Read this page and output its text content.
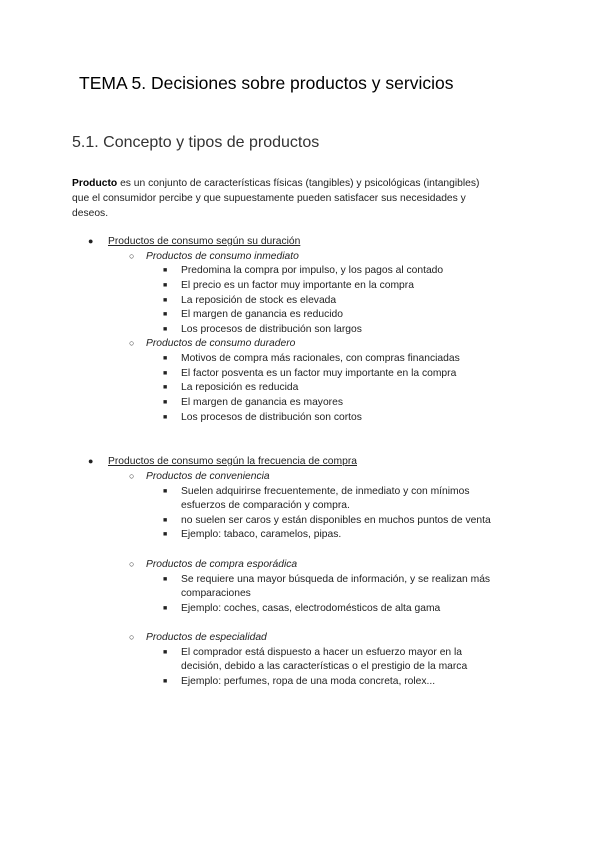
TEMA 5. Decisiones sobre productos y servicios
5.1. Concepto y tipos de productos
Producto es un conjunto de características físicas (tangibles) y psicológicas (intangibles)
que el consumidor percibe y que supuestamente pueden satisfacer sus necesidades y
deseos.
● Productos de consumo según su duración
○ Productos de consumo inmediato
■ Predomina la compra por impulso, y los pagos al contado
■ El precio es un factor muy importante en la compra
■ La reposición de stock es elevada
■ El margen de ganancia es reducido
■ Los procesos de distribución son largos
○ Productos de consumo duradero
■ Motivos de compra más racionales, con compras financiadas
■ El factor posventa es un factor muy importante en la compra
■ La reposición es reducida
■ El margen de ganancia es mayores
■ Los procesos de distribución son cortos
● Productos de consumo según la frecuencia de compra
○ Productos de conveniencia
■ Suelen adquirirse frecuentemente, de inmediato y con mínimos
esfuerzos de comparación y compra.
■ no suelen ser caros y están disponibles en muchos puntos de venta
■ Ejemplo: tabaco, caramelos, pipas.
○ Productos de compra esporádica
■ Se requiere una mayor búsqueda de información, y se realizan más
comparaciones
■ Ejemplo: coches, casas, electrodomésticos de alta gama
○ Productos de especialidad
■ El comprador está dispuesto a hacer un esfuerzo mayor en la
decisión, debido a las características o el prestigio de la marca
■ Ejemplo: perfumes, ropa de una moda concreta, rolex...
